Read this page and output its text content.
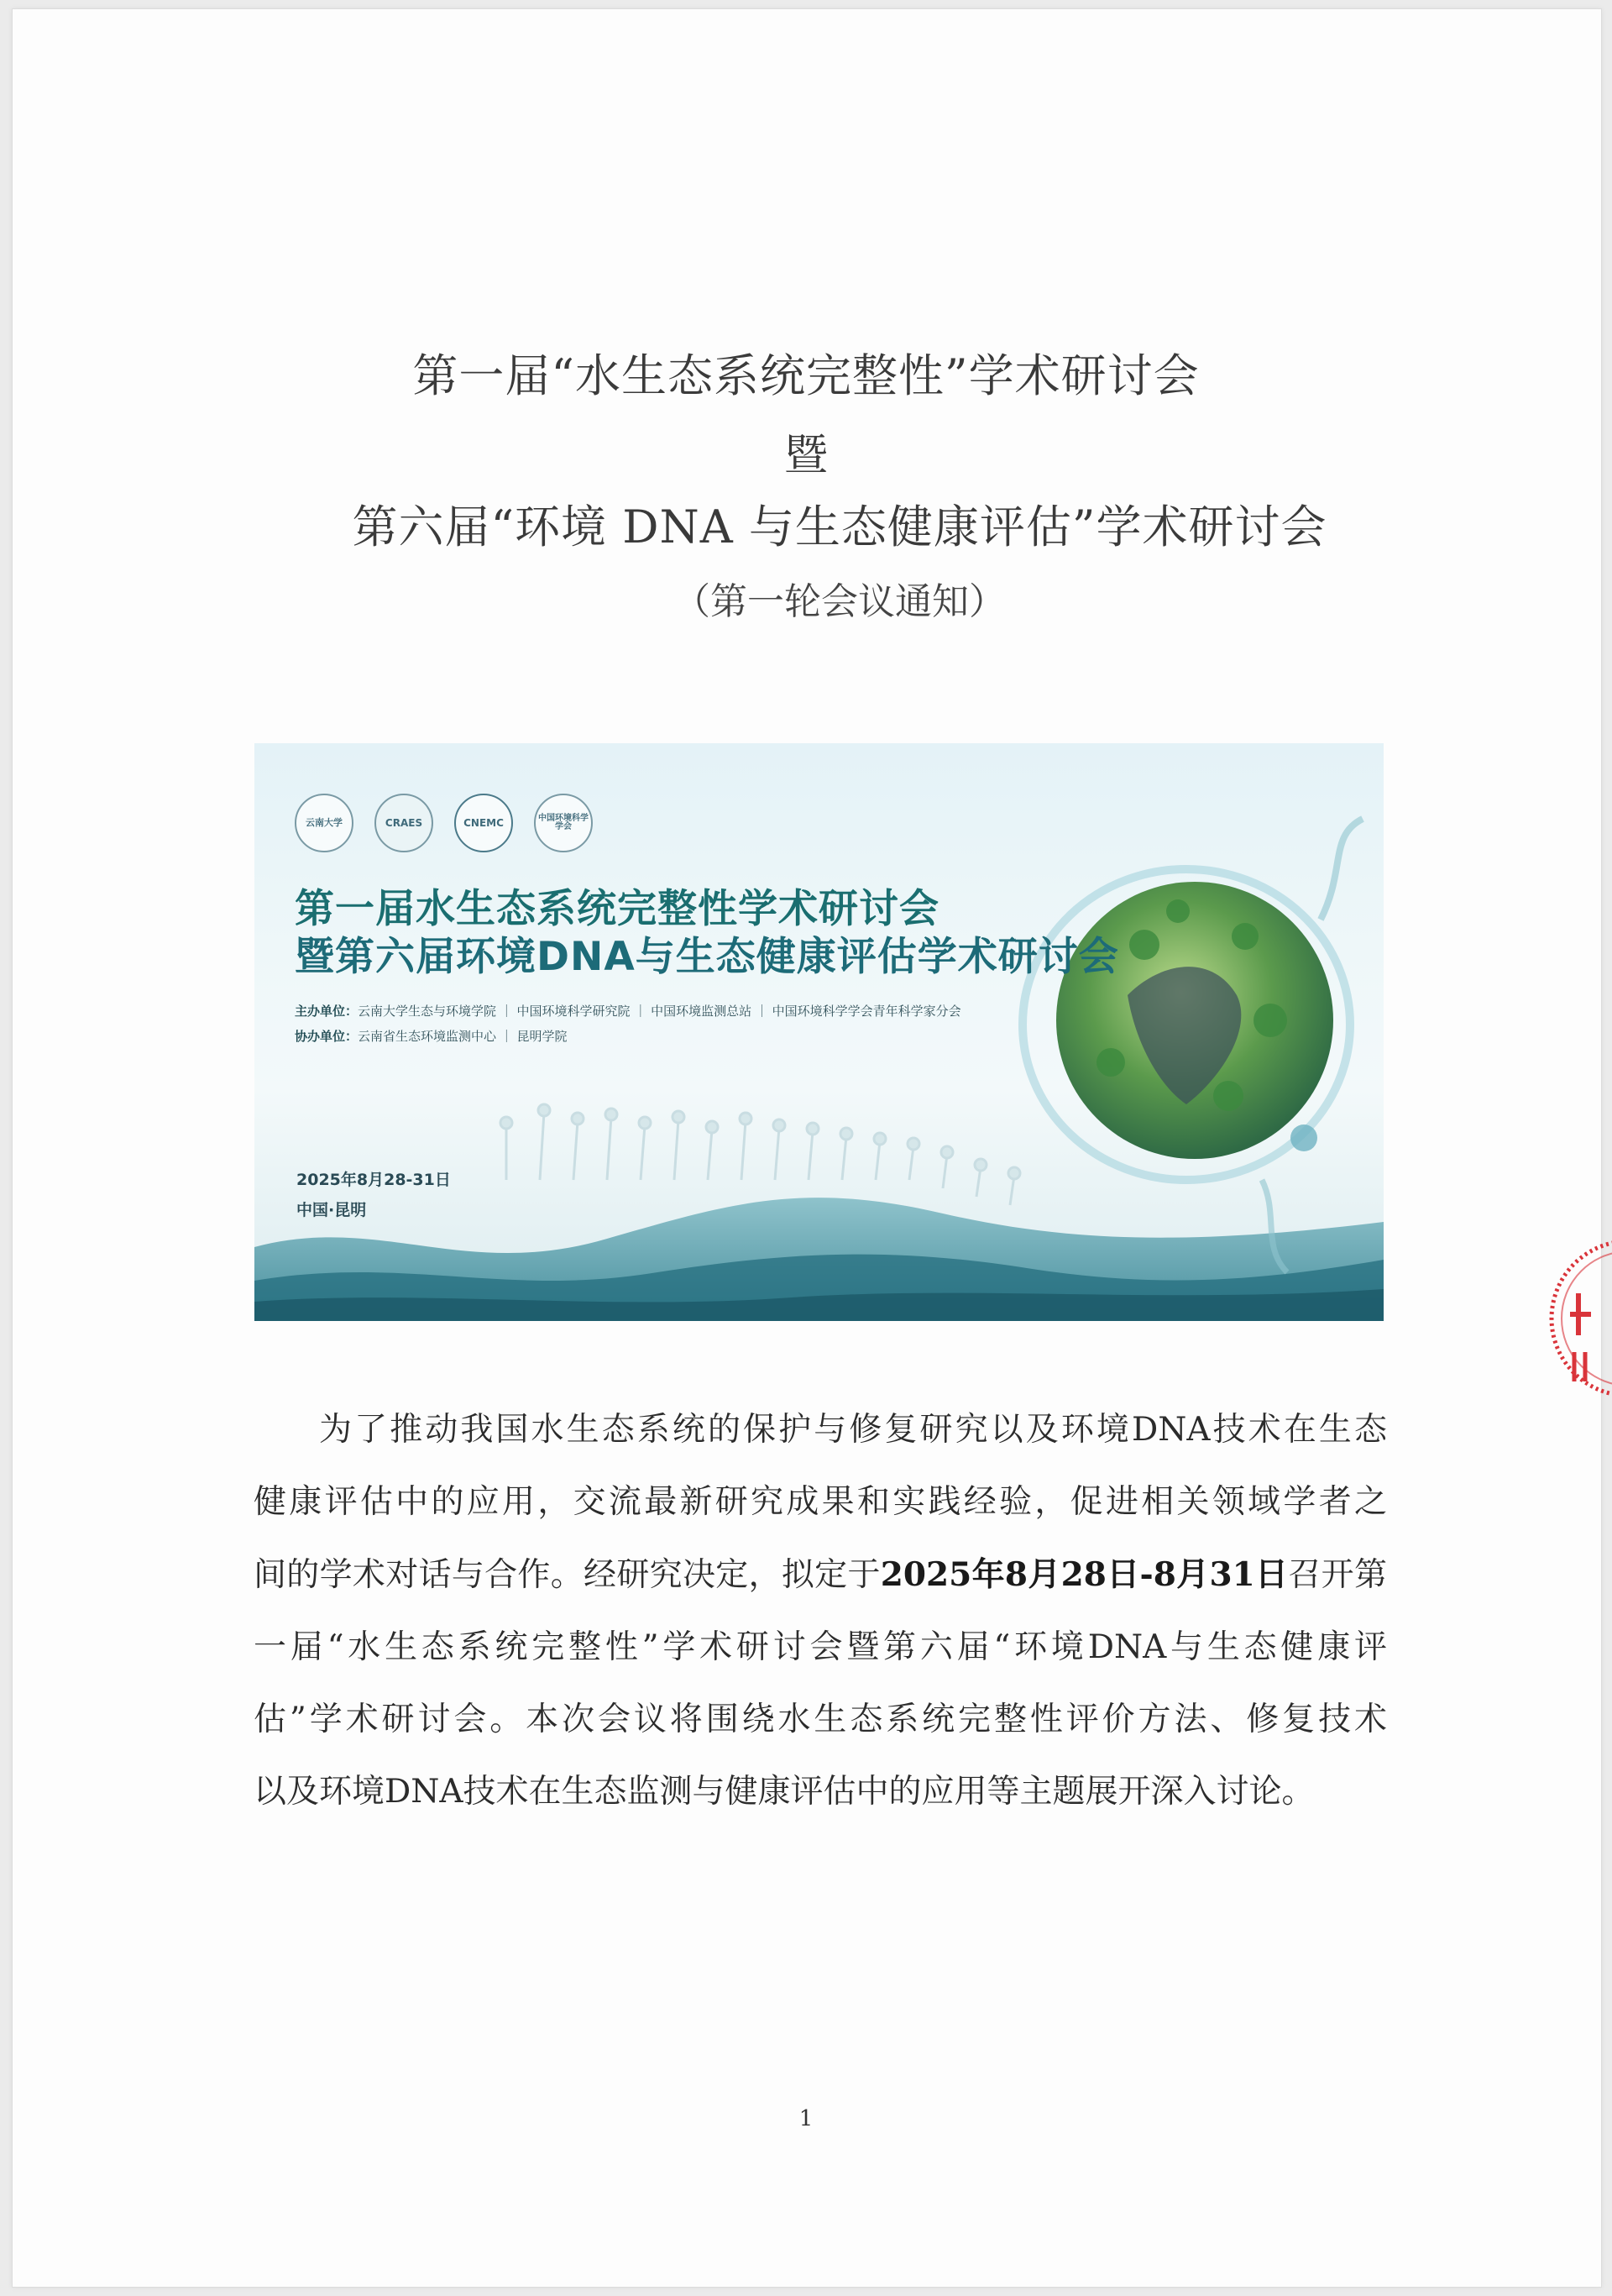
第一届“水生态系统完整性”学术研讨会
暨
第六届“环境 DNA 与生态健康评估”学术研讨会
（第一轮会议通知）
云南大学	CRAES	CNEMC	中国环境科学学会
第一届水生态系统完整性学术研讨会
暨第六届环境DNA与生态健康评估学术研讨会
主办单位：云南大学生态与环境学院 ｜ 中国环境科学研究院 ｜ 中国环境监测总站 ｜ 中国环境科学学会青年科学家分会
协办单位：云南省生态环境监测中心 ｜ 昆明学院
2025年8月28-31日
中国·昆明
为了推动我国水生态系统的保护与修复研究以及环境DNA技术在生态
健康评估中的应用，交流最新研究成果和实践经验，促进相关领域学者之
间的学术对话与合作。经研究决定，拟定于2025年8月28日-8月31日召开第
一届“水生态系统完整性”学术研讨会暨第六届“环境DNA与生态健康评
估”学术研讨会。本次会议将围绕水生态系统完整性评价方法、修复技术
以及环境DNA技术在生态监测与健康评估中的应用等主题展开深入讨论。
1
